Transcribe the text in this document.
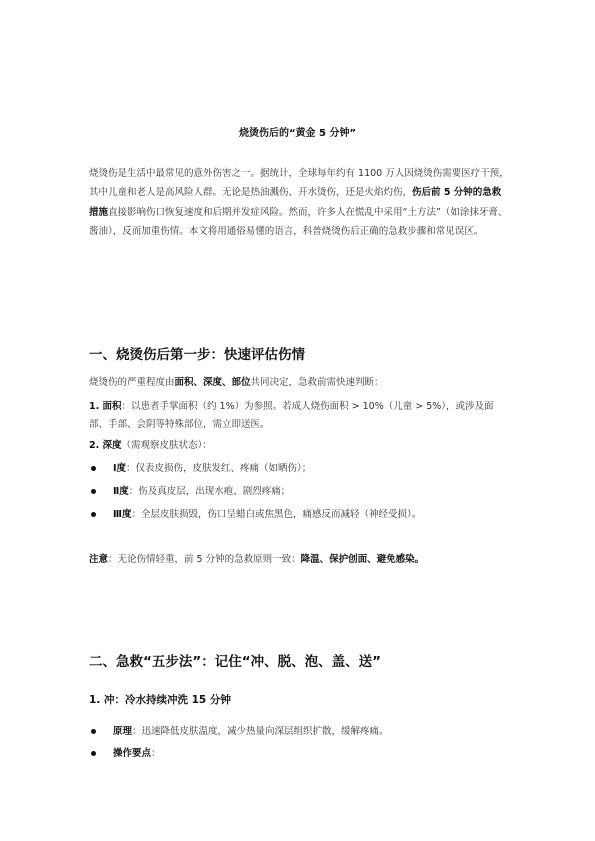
烧烫伤后的“黄金 5 分钟”

烧烫伤是生活中最常见的意外伤害之一。据统计，全球每年约有 1100 万人因烧烫伤需要医疗干预，其中儿童和老人是高风险人群。无论是热油溅伤、开水烫伤，还是火焰灼伤，伤后前 5 分钟的急救措施直接影响伤口恢复速度和后期并发症风险。然而，许多人在慌乱中采用“土方法”（如涂抹牙膏、酱油），反而加重伤情。本文将用通俗易懂的语言，科普烧烫伤后正确的急救步骤和常见误区。

一、烧烫伤后第一步：快速评估伤情

烧烫伤的严重程度由面积、深度、部位共同决定，急救前需快速判断：

1. 面积：以患者手掌面积（约 1%）为参照。若成人烧伤面积 > 10%（儿童 > 5%），或涉及面部、手部、会阴等特殊部位，需立即送医。

2. 深度（需观察皮肤状态）：

Ⅰ度：仅表皮损伤，皮肤发红、疼痛（如晒伤）；
Ⅱ度：伤及真皮层，出现水疱、剧烈疼痛；
Ⅲ度：全层皮肤损毁，伤口呈蜡白或焦黑色，痛感反而减轻（神经受损）。

注意：无论伤情轻重，前 5 分钟的急救原则一致：降温、保护创面、避免感染。

二、急救“五步法”：记住“冲、脱、泡、盖、送”
1. 冲：冷水持续冲洗 15 分钟
原理：迅速降低皮肤温度，减少热量向深层组织扩散，缓解疼痛。
操作要点：
